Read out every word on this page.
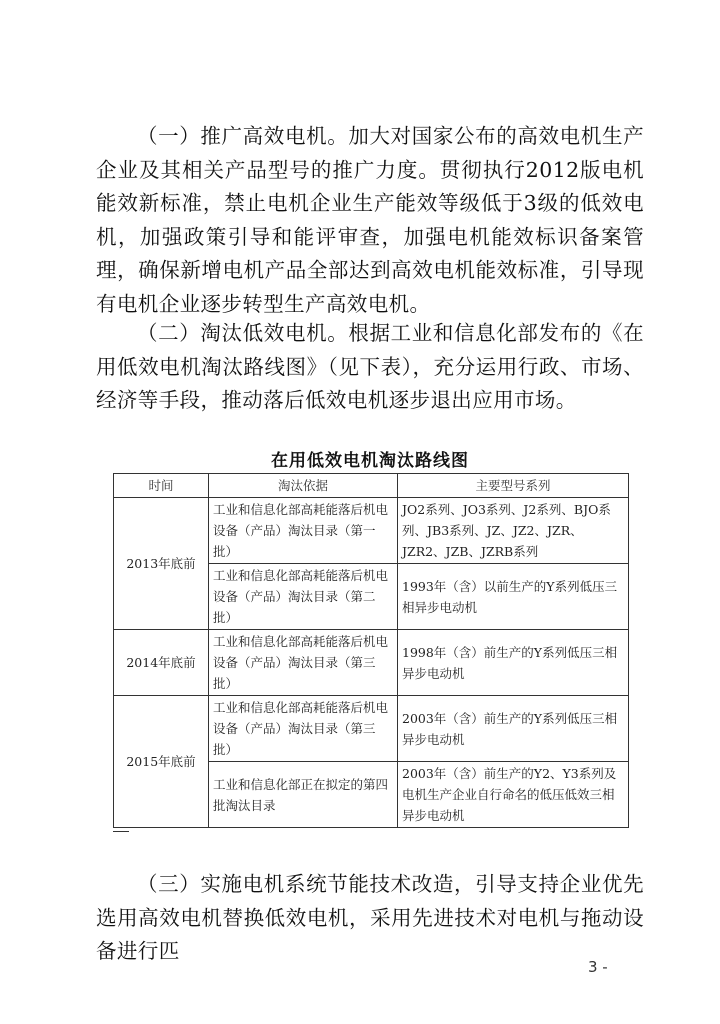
（一）推广高效电机。加大对国家公布的高效电机生产企业及其相关产品型号的推广力度。贯彻执行2012版电机能效新标准，禁止电机企业生产能效等级低于3级的低效电机，加强政策引导和能评审查，加强电机能效标识备案管理，确保新增电机产品全部达到高效电机能效标准，引导现有电机企业逐步转型生产高效电机。

（二）淘汰低效电机。根据工业和信息化部发布的《在用低效电机淘汰路线图》（见下表），充分运用行政、市场、经济等手段，推动落后低效电机逐步退出应用市场。

在用低效电机淘汰路线图
时间	淘汰依据	主要型号系列
2013年底前	工业和信息化部高耗能落后机电设备（产品）淘汰目录（第一批）	JO2系列、JO3系列、J2系列、BJO系列、JB3系列、JZ、JZ2、JZR、JZR2、JZB、JZRB系列
	工业和信息化部高耗能落后机电设备（产品）淘汰目录（第二批）	1993年（含）以前生产的Y系列低压三相异步电动机
2014年底前	工业和信息化部高耗能落后机电设备（产品）淘汰目录（第三批）	1998年（含）前生产的Y系列低压三相异步电动机
2015年底前	工业和信息化部高耗能落后机电设备（产品）淘汰目录（第三批）	2003年（含）前生产的Y系列低压三相异步电动机
	工业和信息化部正在拟定的第四批淘汰目录	2003年（含）前生产的Y2、Y3系列及电机生产企业自行命名的低压低效三相异步电动机

（三）实施电机系统节能技术改造，引导支持企业优先选用高效电机替换低效电机，采用先进技术对电机与拖动设备进行匹

3 -
